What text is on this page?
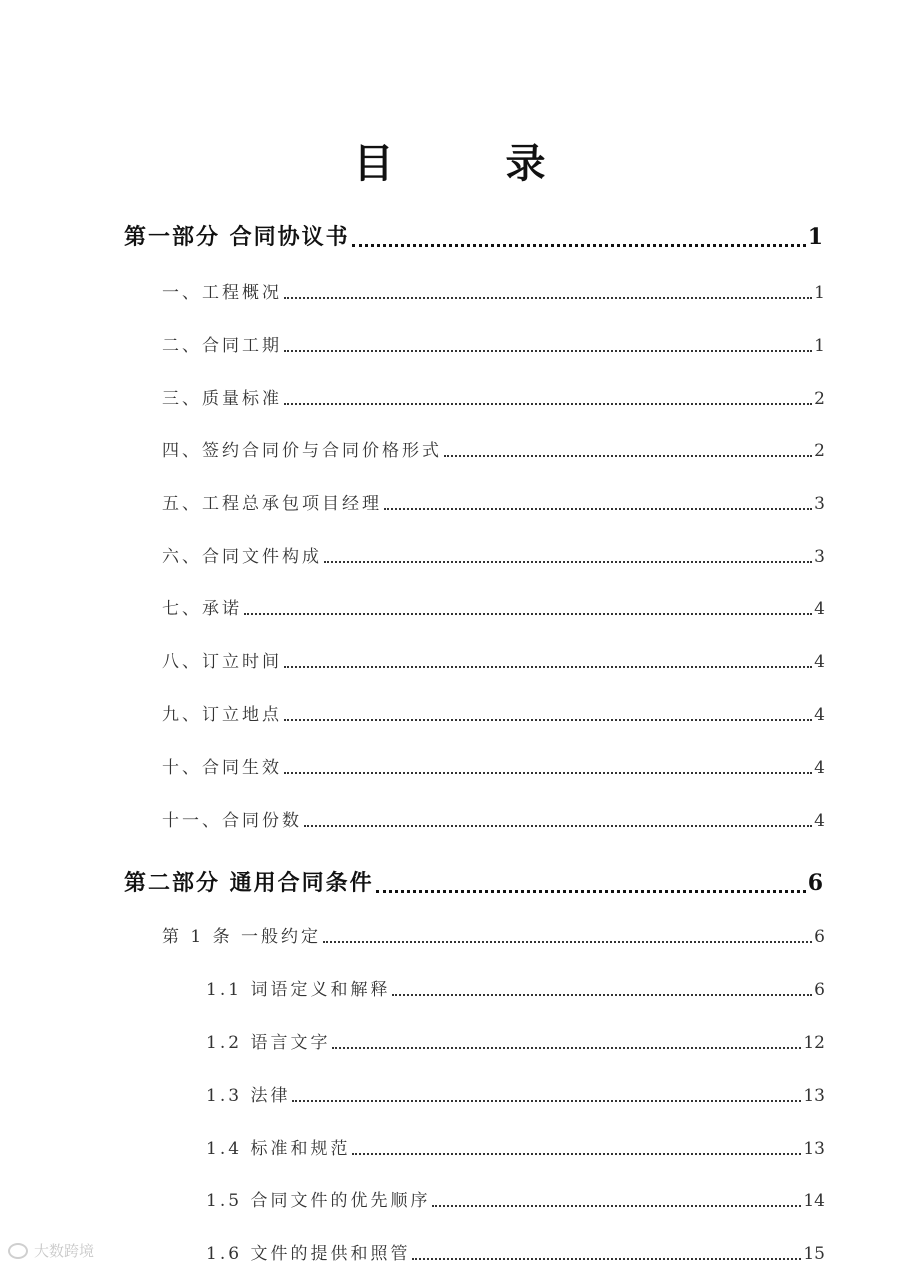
目　录
第一部分 合同协议书	1
一、工程概况	1
二、合同工期	1
三、质量标准	2
四、签约合同价与合同价格形式	2
五、工程总承包项目经理	3
六、合同文件构成	3
七、承诺	4
八、订立时间	4
九、订立地点	4
十、合同生效	4
十一、合同份数	4
第二部分 通用合同条件	6
第 1 条 一般约定	6
1.1 词语定义和解释	6
1.2 语言文字	12
1.3 法律	13
1.4 标准和规范	13
1.5 合同文件的优先顺序	14
1.6 文件的提供和照管	15
大数跨境
